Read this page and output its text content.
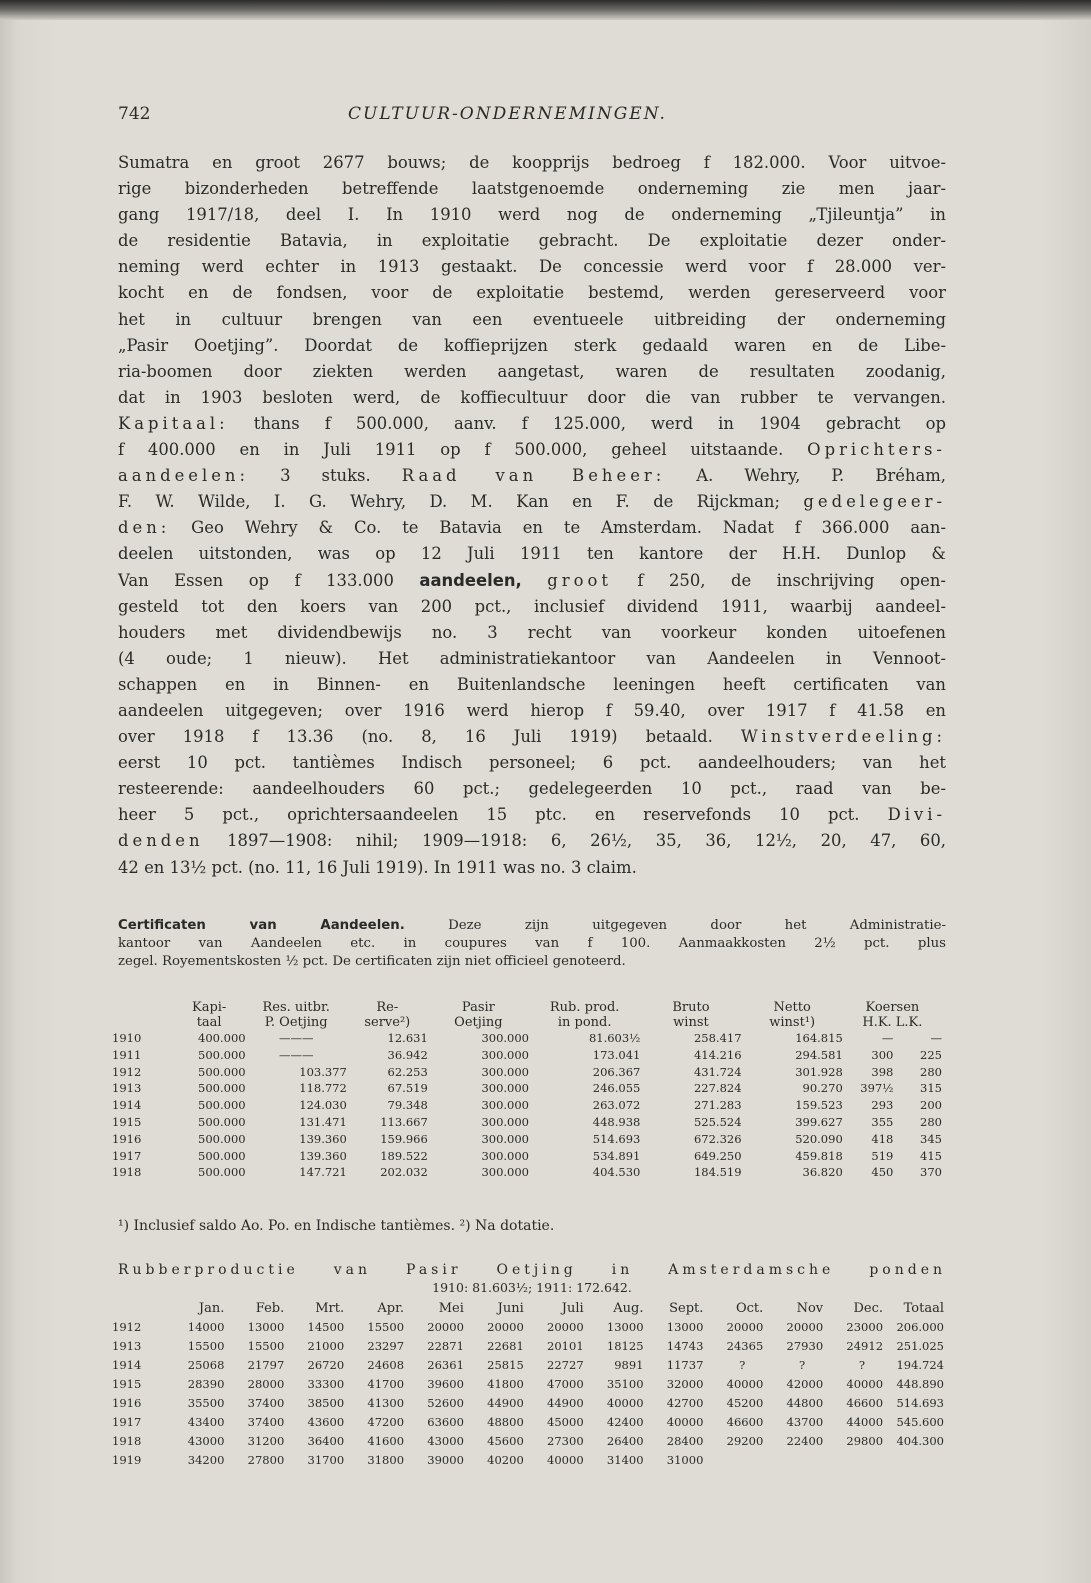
742	CULTUUR-ONDERNEMINGEN.
Sumatra en groot 2677 bouws; de koopprijs bedroeg f 182.000. Voor uitvoe-
rige bizonderheden betreffende laatstgenoemde onderneming zie men jaar-
gang 1917/18, deel I. In 1910 werd nog de onderneming „Tjileuntja” in
de residentie Batavia, in exploitatie gebracht. De exploitatie dezer onder-
neming werd echter in 1913 gestaakt. De concessie werd voor f 28.000 ver-
kocht en de fondsen, voor de exploitatie bestemd, werden gereserveerd voor
het in cultuur brengen van een eventueele uitbreiding der onderneming
„Pasir Ooetjing”. Doordat de koffieprijzen sterk gedaald waren en de Libe-
ria-boomen door ziekten werden aangetast, waren de resultaten zoodanig,
dat in 1903 besloten werd, de koffiecultuur door die van rubber te vervangen.
Kapitaal: thans f 500.000, aanv. f 125.000, werd in 1904 gebracht op
f 400.000 en in Juli 1911 op f 500.000, geheel uitstaande. Oprichters-
aandeelen: 3 stuks. Raad van Beheer: A. Wehry, P. Bréham,
F. W. Wilde, I. G. Wehry, D. M. Kan en F. de Rijckman; gedelegeer-
den: Geo Wehry & Co. te Batavia en te Amsterdam. Nadat f 366.000 aan-
deelen uitstonden, was op 12 Juli 1911 ten kantore der H.H. Dunlop &
Van Essen op f 133.000 aandeelen, groot f 250, de inschrijving open-
gesteld tot den koers van 200 pct., inclusief dividend 1911, waarbij aandeel-
houders met dividendbewijs no. 3 recht van voorkeur konden uitoefenen
(4 oude; 1 nieuw). Het administratiekantoor van Aandeelen in Vennoot-
schappen en in Binnen- en Buitenlandsche leeningen heeft certificaten van
aandeelen uitgegeven; over 1916 werd hierop f 59.40, over 1917 f 41.58 en
over 1918 f 13.36 (no. 8, 16 Juli 1919) betaald. Winstverdeeling:
eerst 10 pct. tantièmes Indisch personeel; 6 pct. aandeelhouders; van het
resteerende: aandeelhouders 60 pct.; gedelegeerden 10 pct., raad van be-
heer 5 pct., oprichtersaandeelen 15 ptc. en reservefonds 10 pct. Divi-
denden 1897—1908: nihil; 1909—1918: 6, 26½, 35, 36, 12½, 20, 47, 60,
42 en 13½ pct. (no. 11, 16 Juli 1919). In 1911 was no. 3 claim.
Certificaten van Aandeelen. Deze zijn uitgegeven door het Administratie-
kantoor van Aandeelen etc. in coupures van f 100. Aanmaakkosten 2½ pct. plus
zegel. Royementskosten ½ pct. De certificaten zijn niet officieel genoteerd.
	Kapi-	Res. uitbr.	Re-	Pasir	Rub. prod.	Bruto	Netto	Koersen	
	taal	P. Oetjing	serve²)	Oetjing	in pond.	winst	winst¹)	H.K. L.K.	
1910	400.000	———	12.631	300.000	81.603½	258.417	164.815	—	—
1911	500.000	———	36.942	300.000	173.041	414.216	294.581	300	225
1912	500.000	103.377	62.253	300.000	206.367	431.724	301.928	398	280
1913	500.000	118.772	67.519	300.000	246.055	227.824	90.270	397½	315
1914	500.000	124.030	79.348	300.000	263.072	271.283	159.523	293	200
1915	500.000	131.471	113.667	300.000	448.938	525.524	399.627	355	280
1916	500.000	139.360	159.966	300.000	514.693	672.326	520.090	418	345
1917	500.000	139.360	189.522	300.000	534.891	649.250	459.818	519	415
1918	500.000	147.721	202.032	300.000	404.530	184.519	36.820	450	370
¹) Inclusief saldo Ao. Po. en Indische tantièmes. ²) Na dotatie.
Rubberproductie van Pasir Oetjing in Amsterdamsche ponden
1910: 81.603½; 1911: 172.642.
	Jan.	Feb.	Mrt.	Apr.	Mei	Juni	Juli	Aug.	Sept.	Oct.	Nov	Dec.	Totaal
1912	14000	13000	14500	15500	20000	20000	20000	13000	13000	20000	20000	23000	206.000
1913	15500	15500	21000	23297	22871	22681	20101	18125	14743	24365	27930	24912	251.025
1914	25068	21797	26720	24608	26361	25815	22727	9891	11737	?	?	?	194.724
1915	28390	28000	33300	41700	39600	41800	47000	35100	32000	40000	42000	40000	448.890
1916	35500	37400	38500	41300	52600	44900	44900	40000	42700	45200	44800	46600	514.693
1917	43400	37400	43600	47200	63600	48800	45000	42400	40000	46600	43700	44000	545.600
1918	43000	31200	36400	41600	43000	45600	27300	26400	28400	29200	22400	29800	404.300
1919	34200	27800	31700	31800	39000	40200	40000	31400	31000				
